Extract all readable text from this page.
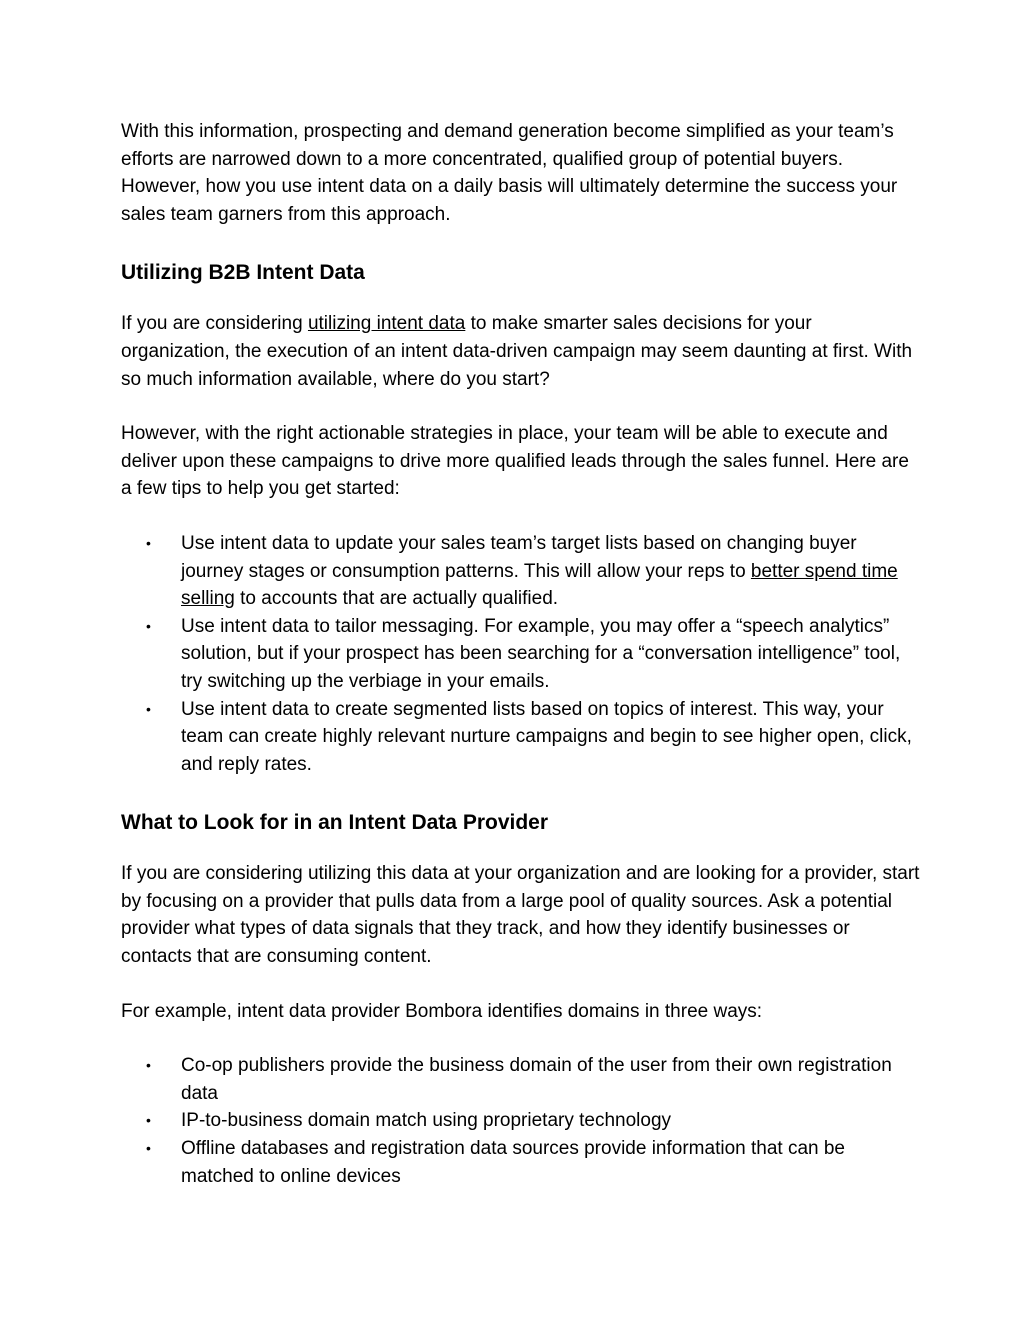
With this information, prospecting and demand generation become simplified as your team’s efforts are narrowed down to a more concentrated, qualified group of potential buyers. However, how you use intent data on a daily basis will ultimately determine the success your sales team garners from this approach.

Utilizing B2B Intent Data

If you are considering utilizing intent data to make smarter sales decisions for your organization, the execution of an intent data-driven campaign may seem daunting at first. With so much information available, where do you start?

However, with the right actionable strategies in place, your team will be able to execute and deliver upon these campaigns to drive more qualified leads through the sales funnel. Here are a few tips to help you get started:

• Use intent data to update your sales team’s target lists based on changing buyer journey stages or consumption patterns. This will allow your reps to better spend time selling to accounts that are actually qualified.
• Use intent data to tailor messaging. For example, you may offer a “speech analytics” solution, but if your prospect has been searching for a “conversation intelligence” tool, try switching up the verbiage in your emails.
• Use intent data to create segmented lists based on topics of interest. This way, your team can create highly relevant nurture campaigns and begin to see higher open, click, and reply rates.
What to Look for in an Intent Data Provider

If you are considering utilizing this data at your organization and are looking for a provider, start by focusing on a provider that pulls data from a large pool of quality sources. Ask a potential provider what types of data signals that they track, and how they identify businesses or contacts that are consuming content.

For example, intent data provider Bombora identifies domains in three ways:

• Co-op publishers provide the business domain of the user from their own registration data
• IP-to-business domain match using proprietary technology
• Offline databases and registration data sources provide information that can be matched to online devices
